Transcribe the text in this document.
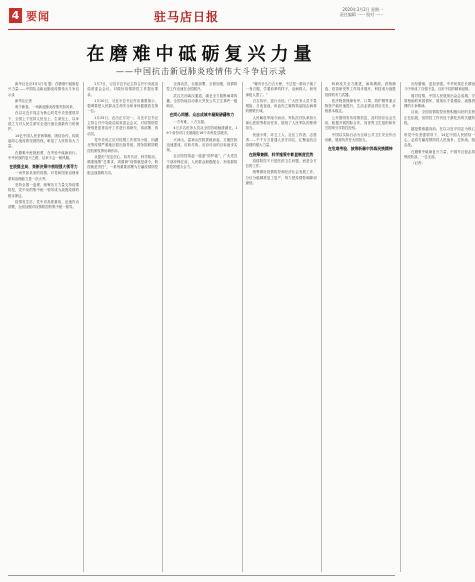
4 要闻	驻马店日报
2020年3月2日 星期一
责任编辑 ······ 校对 ······
在磨难中砥砺复兴力量
——中国抗击新冠肺炎疫情伟大斗争启示录

新华社北京3月1日电 题：在磨难中砥砺复兴力量——中国抗击新冠肺炎疫情伟大斗争启示录

新华社记者

庚子新春，一场新冠肺炎疫情突如其来。

在以习近平同志为核心的党中央坚强领导下，全国上下坚持人民至上、生命至上，以举国之力对人民生命安全进行最全面最有力的保护。

14亿中国人民坚韧奉献、团结协作，构筑起同心战疫的坚固防线，彰显了人民的伟大力量。

在磨难中愈挫愈勇，在考验中砥砺前行。中华民族的复兴之路，从来不会一帆风顺。

在统揽全局、果断决策中展现强大领导力

一场突如其来的疫情，对党和国家治理体系和治理能力是一次大考。

坚持全国一盘棋，统筹各方力量支持疫情防控，党中央的集中统一领导成为战胜疫情的根本保证。

疫情发生后，党中央高度重视，迅速作出部署，全面加强对疫情防控的集中统一领导。

1月7日，习近平总书记主持召开中央政治局常委会会议，对做好疫情防控工作提出要求。

1月20日，习近平总书记作出重要指示，强调要把人民群众生命安全和身体健康放在第一位。

1月25日，农历正月初一，习近平总书记主持召开中央政治局常委会会议，对疫情防控特别是患者治疗工作进行再研究、再部署、再动员。

党中央成立应对疫情工作领导小组，向湖北等疫情严重地区派出指导组，国务院联防联控机制发挥协调作用。

从提出“坚定信心、同舟共济、科学防治、精准施策”总要求，到强调“疫情就是命令，防控就是责任”，一系列重要部署为打赢疫情防控阻击战指明方向。

全面动员、全面部署、全面加强，疫情防控工作迅速在全国展开。

武汉关闭离汉通道，湖北全力阻断病毒传播，全国各地启动重大突发公共卫生事件一级响应。

在同心同德、众志成城中凝聚磅礴伟力

一方有难，八方支援。

4万多名医务人员从全国各地驰援湖北，19个省份对口支援湖北16个市州及县级市。

火神山、雷神山医院拔地而起，方舱医院迅速建成，应收尽收、应治尽治的目标逐步实现。

社区防控筑起一道道“防护墙”，广大党员干部冲锋在前，人民群众积极配合，形成群防群控的强大合力。

“哪有什么白衣天使，不过是一群孩子换了一身衣服，学着前辈的样子，治病救人、和死神抢人罢了。”

白衣执甲，逆行出征。广大医务人员不畏艰险、日夜奋战，用血肉之躯构筑起阻击病毒的钢铁长城。

人民解放军闻令而动，军队医疗队承担火神山医院等救治任务，展现了人民军队的使命担当。

快递小哥、环卫工人、社区工作者、志愿者……千千万万普通人坚守岗位，汇聚起抗击疫情的强大力量。

在统筹兼顾、科学施策中彰显制度优势

疫情防控不只是医药卫生问题，而是全方位的工作。

统筹做好疫情防控和经济社会发展工作，分区分级精准复工复产，努力把疫情影响降到最低。

科研攻关全力推进，病毒溯源、药物筛选、疫苗研发等工作同步展开，科技成为战胜疫情的有力武器。

医疗物资保障有序，口罩、防护服等重点物资产能快速提升，生活必需品供应充足、价格基本稳定。

公开透明发布疫情信息，及时回应社会关切，积极开展国际合作，同世界卫生组织和有关国家分享防控经验。

中国以实际行动为全球公共卫生安全作出贡献，展现负责任大国担当。

在危难考验、披荆斩棘中淬炼民族精神

历经磨难，更加坚强。中华民族在长期奋斗中形成了自强不息、百折不挠的精神品格。

面对疫情，中国人民展现出众志成城、守望相助的家国情怀，展现出不畏艰险、顽强拼搏的斗争精神。

目前，全国疫情防控形势积极向好的态势正在拓展，但防控工作仍处于最吃劲的关键阶段。

越是艰难越向前。在以习近平同志为核心的党中央坚强领导下，14亿中国人民团结一心，必将打赢疫情防控人民战争、总体战、阻击战。

在磨难中砥砺复兴力量，中国号巨轮必将劈波斩浪、一往无前。

（记者）
